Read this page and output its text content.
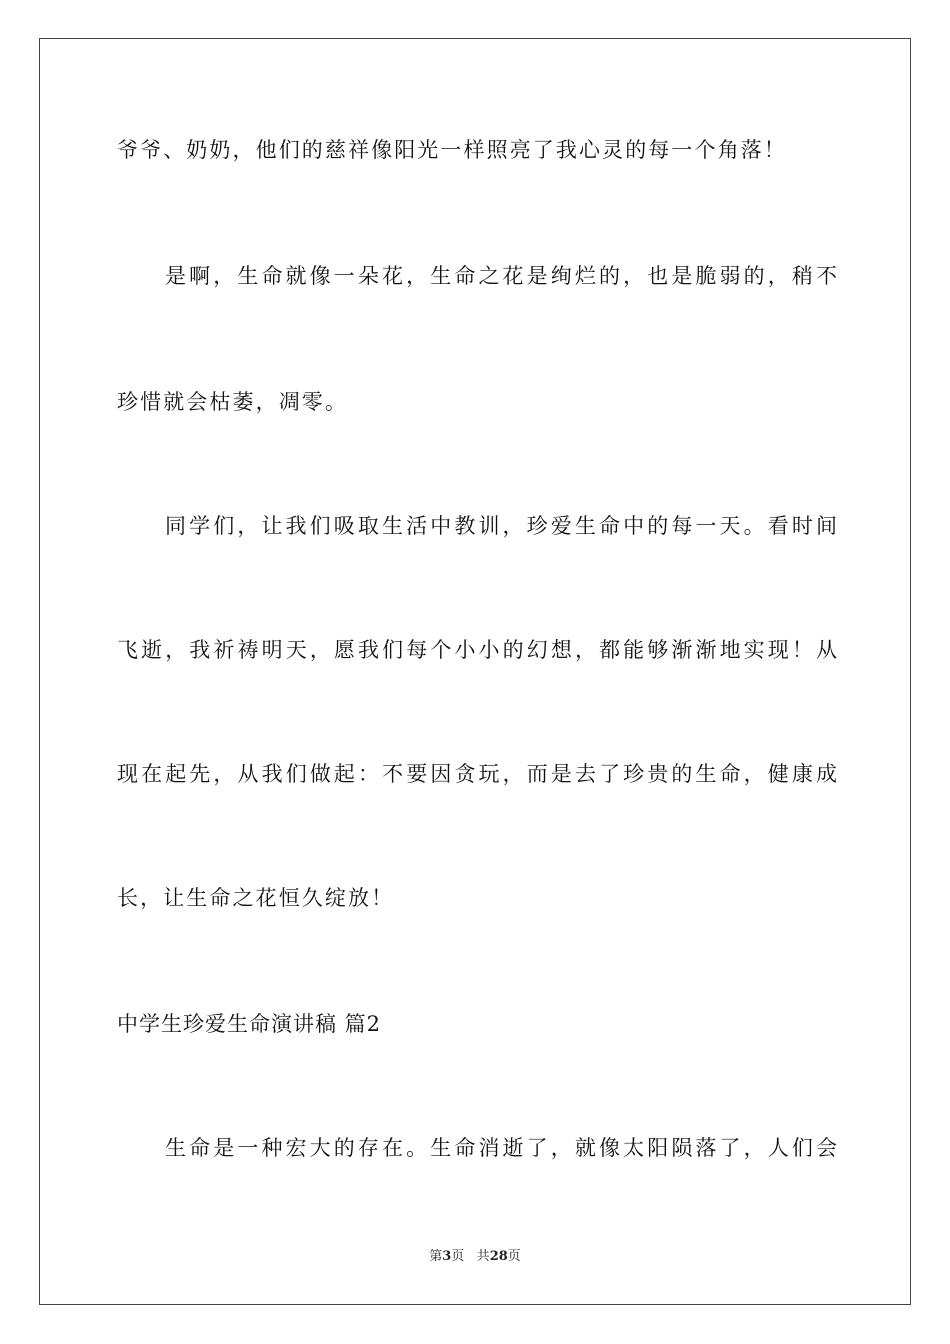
爷爷、奶奶，他们的慈祥像阳光一样照亮了我心灵的每一个角落！
是啊，生命就像一朵花，生命之花是绚烂的，也是脆弱的，稍不
珍惜就会枯萎，凋零。
同学们，让我们吸取生活中教训，珍爱生命中的每一天。看时间
飞逝，我祈祷明天，愿我们每个小小的幻想，都能够渐渐地实现！从
现在起先，从我们做起：不要因贪玩，而是去了珍贵的生命，健康成
长，让生命之花恒久绽放！
中学生珍爱生命演讲稿 篇2
生命是一种宏大的存在。生命消逝了，就像太阳陨落了，人们会
第3页 共28页
